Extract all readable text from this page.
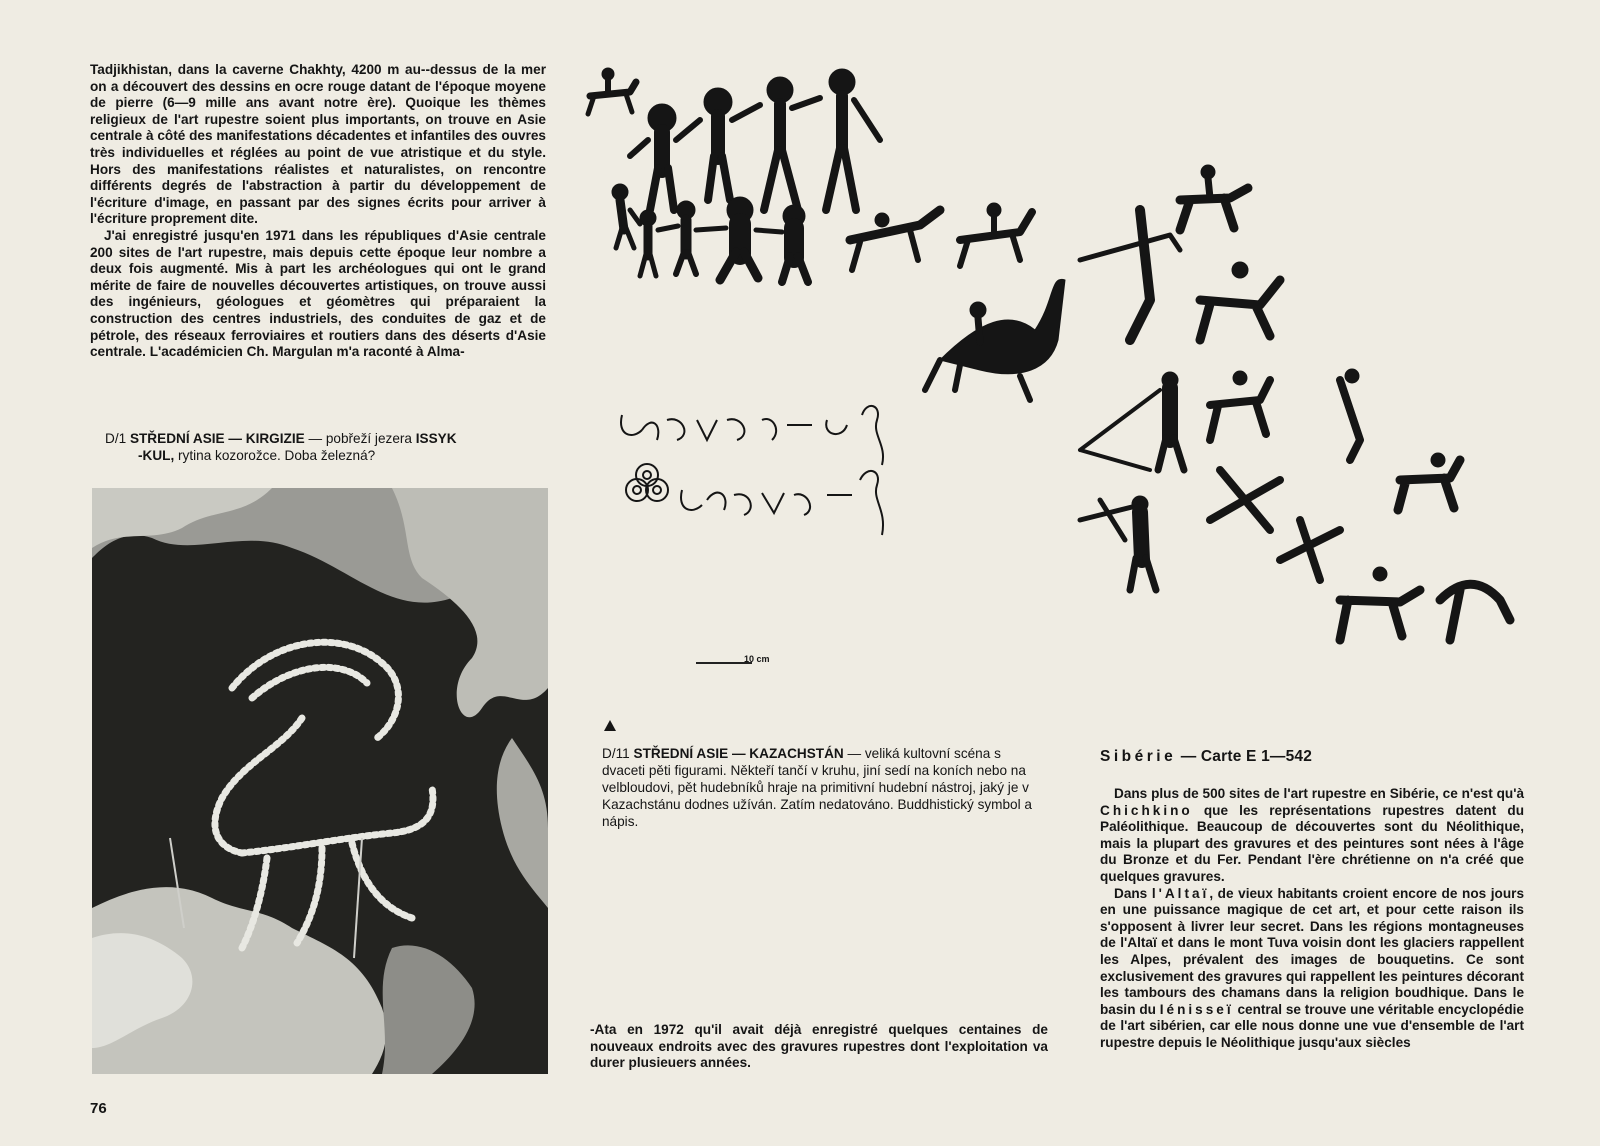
Tadjikhistan, dans la caverne Chakhty, 4200 m au--dessus de la mer on a découvert des dessins en ocre rouge datant de l'époque moyene de pierre (6—9 mille ans avant notre ère). Quoique les thèmes religieux de l'art rupestre soient plus importants, on trouve en Asie centrale à côté des manifestations décadentes et infantiles des ouvres très individuelles et réglées au point de vue atristique et du style. Hors des manifestations réalistes et naturalistes, on rencontre différents degrés de l'abstraction à partir du développement de l'écriture d'image, en passant par des signes écrits pour arriver à l'écriture proprement dite.

J'ai enregistré jusqu'en 1971 dans les républiques d'Asie centrale 200 sites de l'art rupestre, mais depuis cette époque leur nombre a deux fois augmenté. Mis à part les archéologues qui ont le grand mérite de faire de nouvelles découvertes artistiques, on trouve aussi des ingénieurs, géologues et géomètres qui préparaient la construction des centres industriels, des conduites de gaz et de pétrole, des réseaux ferroviaires et routiers dans des déserts d'Asie centrale. L'académicien Ch. Margulan m'a raconté à Alma-

D/1 STŘEDNÍ ASIE — KIRGIZIE — pobřeží jezera ISSYK
-KUL, rytina kozorožce. Doba železná?

10 cm

D/11 STŘEDNÍ ASIE — KAZACHSTÁN — veliká kultovní scéna s dvaceti pěti figurami. Někteří tančí v kruhu, jiní sedí na koních nebo na velbloudovi, pět hudebníků hraje na primitivní hudební nástroj, jaký je v Kazachstánu dodnes užíván. Zatím nedatováno. Buddhistický symbol a nápis.

-Ata en 1972 qu'il avait déjà enregistré quelques centaines de nouveaux endroits avec des gravures rupestres dont l'exploitation va durer plusieuers années.

Sibérie — Carte E 1—542

Dans plus de 500 sites de l'art rupestre en Sibérie, ce n'est qu'à Chichkino que les représentations rupestres datent du Paléolithique. Beaucoup de découvertes sont du Néolithique, mais la plupart des gravures et des peintures sont nées à l'âge du Bronze et du Fer. Pendant l'ère chrétienne on n'a créé que quelques gravures.

Dans l'Altaï, de vieux habitants croient encore de nos jours en une puissance magique de cet art, et pour cette raison ils s'opposent à livrer leur secret. Dans les régions montagneuses de l'Altaï et dans le mont Tuva voisin dont les glaciers rappellent les Alpes, prévalent des images de bouquetins. Ce sont exclusivement des gravures qui rappellent les peintures décorant les tambours des chamans dans la religion boudhique. Dans le basin du Iénisseï central se trouve une véritable encyclopédie de l'art sibérien, car elle nous donne une vue d'ensemble de l'art rupestre depuis le Néolithique jusqu'aux siècles

76
